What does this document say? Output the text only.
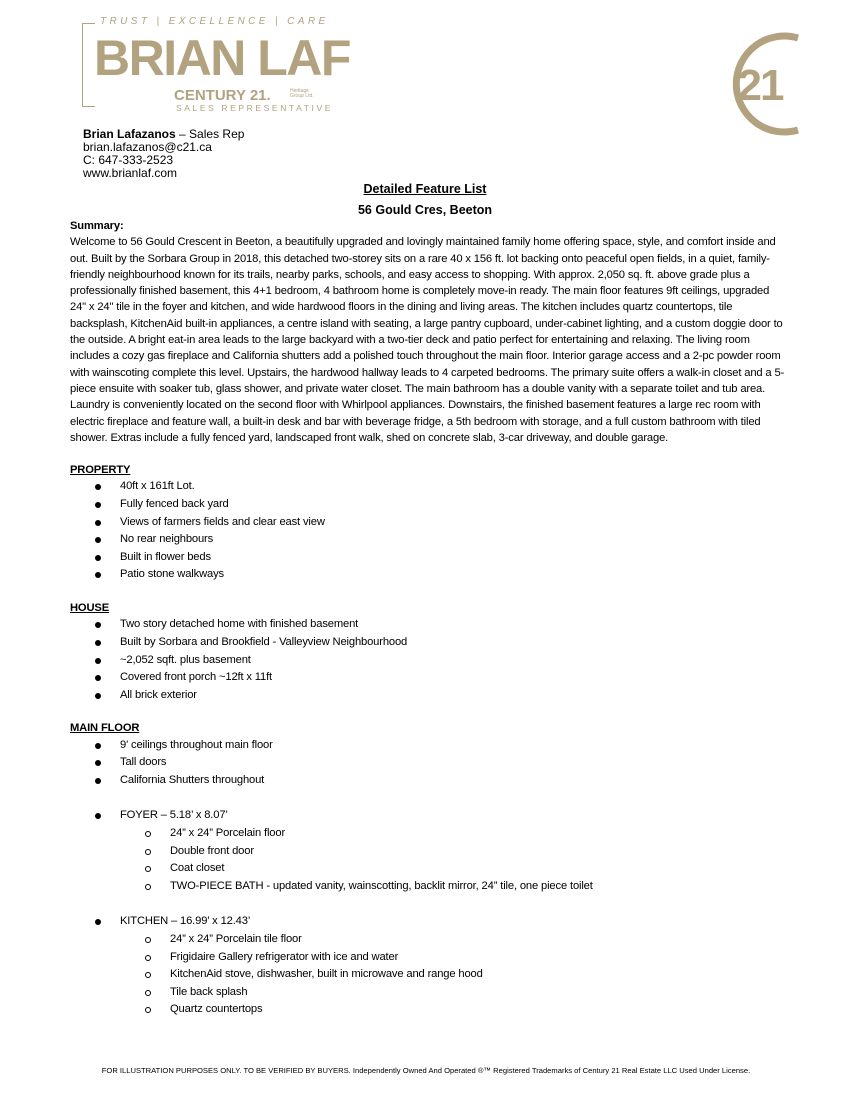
TRUST | EXCELLENCE | CARE
BRIAN LAF
CENTURY 21.	Heritage Group Ltd.
SALES REPRESENTATIVE	21
Brian Lafazanos – Sales Rep
brian.lafazanos@c21.ca
C: 647-333-2523
www.brianlaf.com
Detailed Feature List
56 Gould Cres, Beeton
Summary:

Welcome to 56 Gould Crescent in Beeton, a beautifully upgraded and lovingly maintained family home offering space, style, and comfort inside and out. Built by the Sorbara Group in 2018, this detached two-storey sits on a rare 40 x 156 ft. lot backing onto peaceful open fields, in a quiet, family-friendly neighbourhood known for its trails, nearby parks, schools, and easy access to shopping. With approx. 2,050 sq. ft. above grade plus a professionally finished basement, this 4+1 bedroom, 4 bathroom home is completely move-in ready. The main floor features 9ft ceilings, upgraded 24" x 24" tile in the foyer and kitchen, and wide hardwood floors in the dining and living areas. The kitchen includes quartz countertops, tile backsplash, KitchenAid built-in appliances, a centre island with seating, a large pantry cupboard, under-cabinet lighting, and a custom doggie door to the outside. A bright eat-in area leads to the large backyard with a two-tier deck and patio perfect for entertaining and relaxing. The living room includes a cozy gas fireplace and California shutters add a polished touch throughout the main floor. Interior garage access and a 2-pc powder room with wainscoting complete this level. Upstairs, the hardwood hallway leads to 4 carpeted bedrooms. The primary suite offers a walk-in closet and a 5-piece ensuite with soaker tub, glass shower, and private water closet. The main bathroom has a double vanity with a separate toilet and tub area. Laundry is conveniently located on the second floor with Whirlpool appliances. Downstairs, the finished basement features a large rec room with electric fireplace and feature wall, a built-in desk and bar with beverage fridge, a 5th bedroom with storage, and a full custom bathroom with tiled shower. Extras include a fully fenced yard, landscaped front walk, shed on concrete slab, 3-car driveway, and double garage.

PROPERTY
40ft x 161ft Lot.
Fully fenced back yard
Views of farmers fields and clear east view
No rear neighbours
Built in flower beds
Patio stone walkways
HOUSE
Two story detached home with finished basement
Built by Sorbara and Brookfield - Valleyview Neighbourhood
~2,052 sqft. plus basement
Covered front porch ~12ft x 11ft
All brick exterior
MAIN FLOOR
9' ceilings throughout main floor
Tall doors
California Shutters throughout
FOYER – 5.18’ x 8.07’
24” x 24” Porcelain floor
Double front door
Coat closet
TWO-PIECE BATH - updated vanity, wainscotting, backlit mirror, 24” tile, one piece toilet
KITCHEN – 16.99’ x 12.43’
24” x 24” Porcelain tile floor
Frigidaire Gallery refrigerator with ice and water
KitchenAid stove, dishwasher, built in microwave and range hood
Tile back splash
Quartz countertops
FOR ILLUSTRATION PURPOSES ONLY. TO BE VERIFIED BY BUYERS. Independently Owned And Operated ®™ Registered Trademarks of Century 21 Real Estate LLC Used Under License.
